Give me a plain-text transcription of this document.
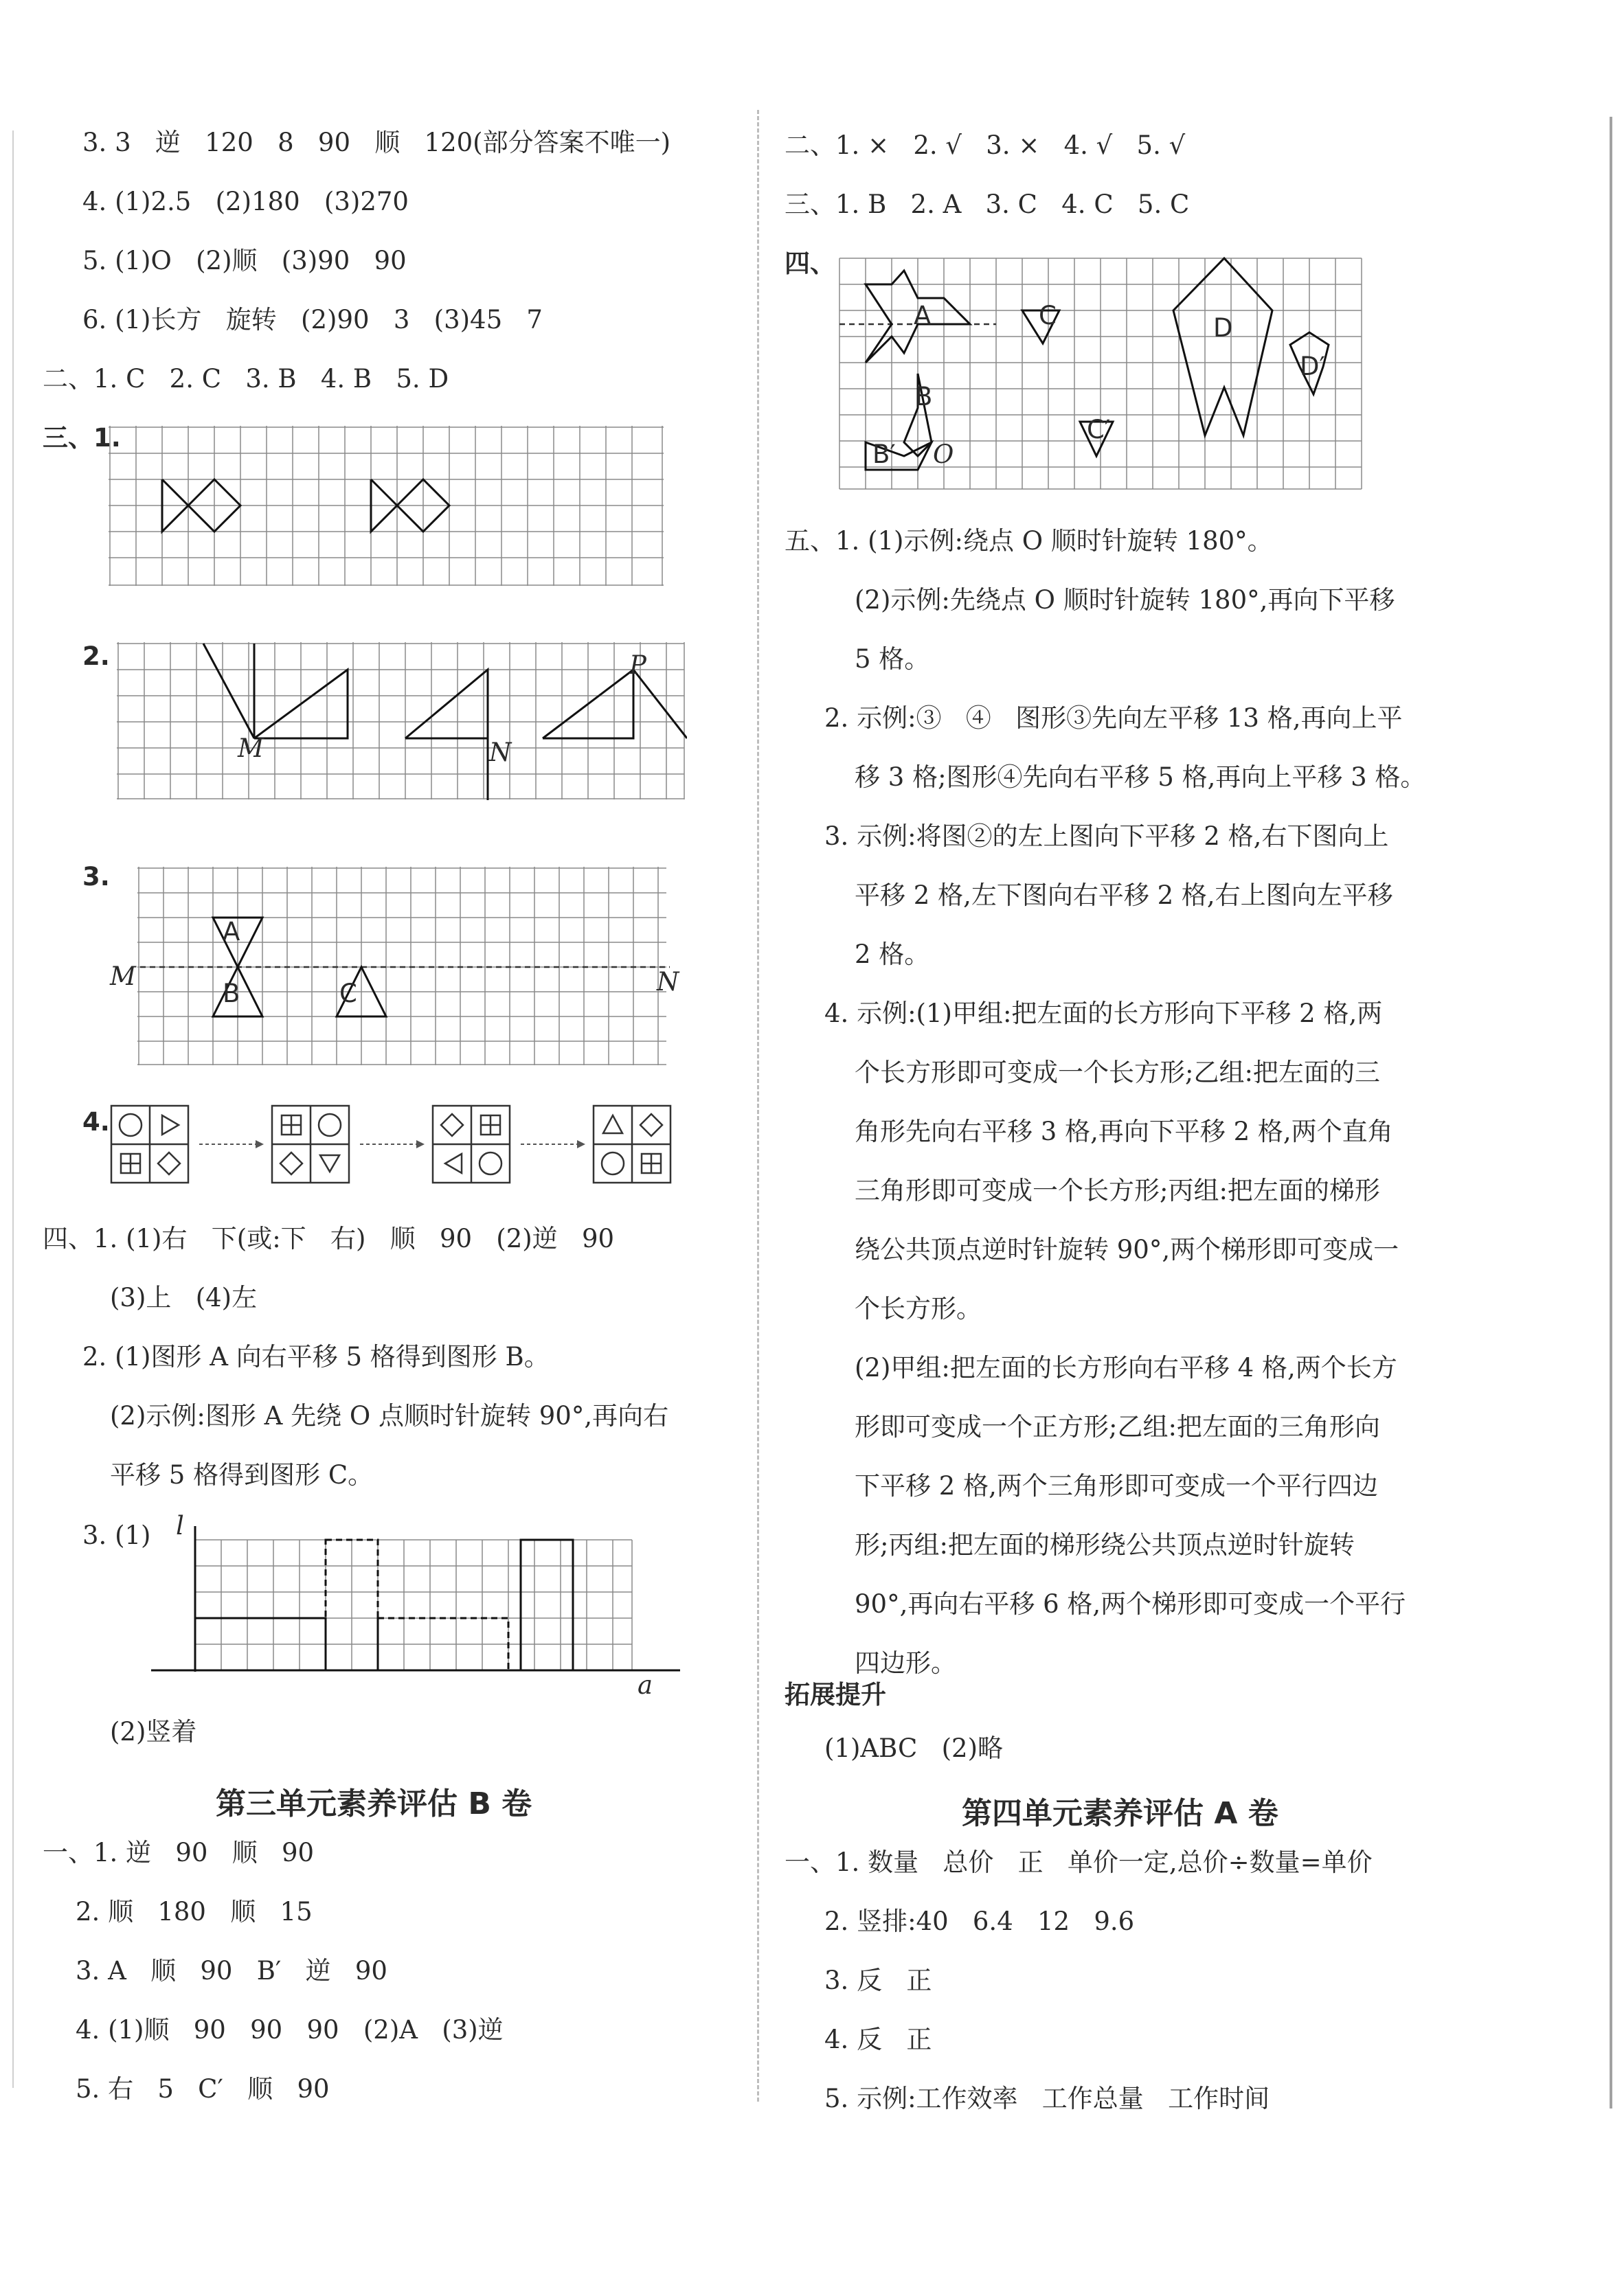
3. 3   逆   120   8   90   顺   120(部分答案不唯一)
4. (1)2.5   (2)180   (3)270
5. (1)O   (2)顺   (3)90   90
6. (1)长方   旋转   (2)90   3   (3)45   7
二、1. C   2. C   3. B   4. B   5. D
三、1.
2.
M	N
P
3.
A
B	C
M	N
4.
四、1. (1)右   下(或:下   右)   顺   90   (2)逆   90
(3)上   (4)左
2. (1)图形 A 向右平移 5 格得到图形 B。
(2)示例:图形 A 先绕 O 点顺时针旋转 90°,再向右
平移 5 格得到图形 C。
3. (1) l
a
(2)竖着
第三单元素养评估 B 卷
一、1. 逆   90   顺   90
2. 顺   180   顺   15
3. A   顺   90   B′   逆   90
4. (1)顺   90   90   90   (2)A   (3)逆
5. 右   5   C′   顺   90
二、1. ×   2. √   3. ×   4. √   5. √
三、1. B   2. A   3. C   4. C   5. C
四、
A
B
B′ O
C
C′
D
D′
五、1. (1)示例:绕点 O 顺时针旋转 180°。
(2)示例:先绕点 O 顺时针旋转 180°,再向下平移
5 格。
2. 示例:③   ④   图形③先向左平移 13 格,再向上平
移 3 格;图形④先向右平移 5 格,再向上平移 3 格。
3. 示例:将图②的左上图向下平移 2 格,右下图向上
平移 2 格,左下图向右平移 2 格,右上图向左平移
2 格。
4. 示例:(1)甲组:把左面的长方形向下平移 2 格,两
个长方形即可变成一个长方形;乙组:把左面的三
角形先向右平移 3 格,再向下平移 2 格,两个直角
三角形即可变成一个长方形;丙组:把左面的梯形
绕公共顶点逆时针旋转 90°,两个梯形即可变成一
个长方形。
(2)甲组:把左面的长方形向右平移 4 格,两个长方
形即可变成一个正方形;乙组:把左面的三角形向
下平移 2 格,两个三角形即可变成一个平行四边
形;丙组:把左面的梯形绕公共顶点逆时针旋转
90°,再向右平移 6 格,两个梯形即可变成一个平行
四边形。
拓展提升
(1)ABC   (2)略
第四单元素养评估 A 卷
一、1. 数量   总价   正   单价一定,总价÷数量=单价
2. 竖排:40   6.4   12   9.6
3. 反   正
4. 反   正
5. 示例:工作效率   工作总量   工作时间
